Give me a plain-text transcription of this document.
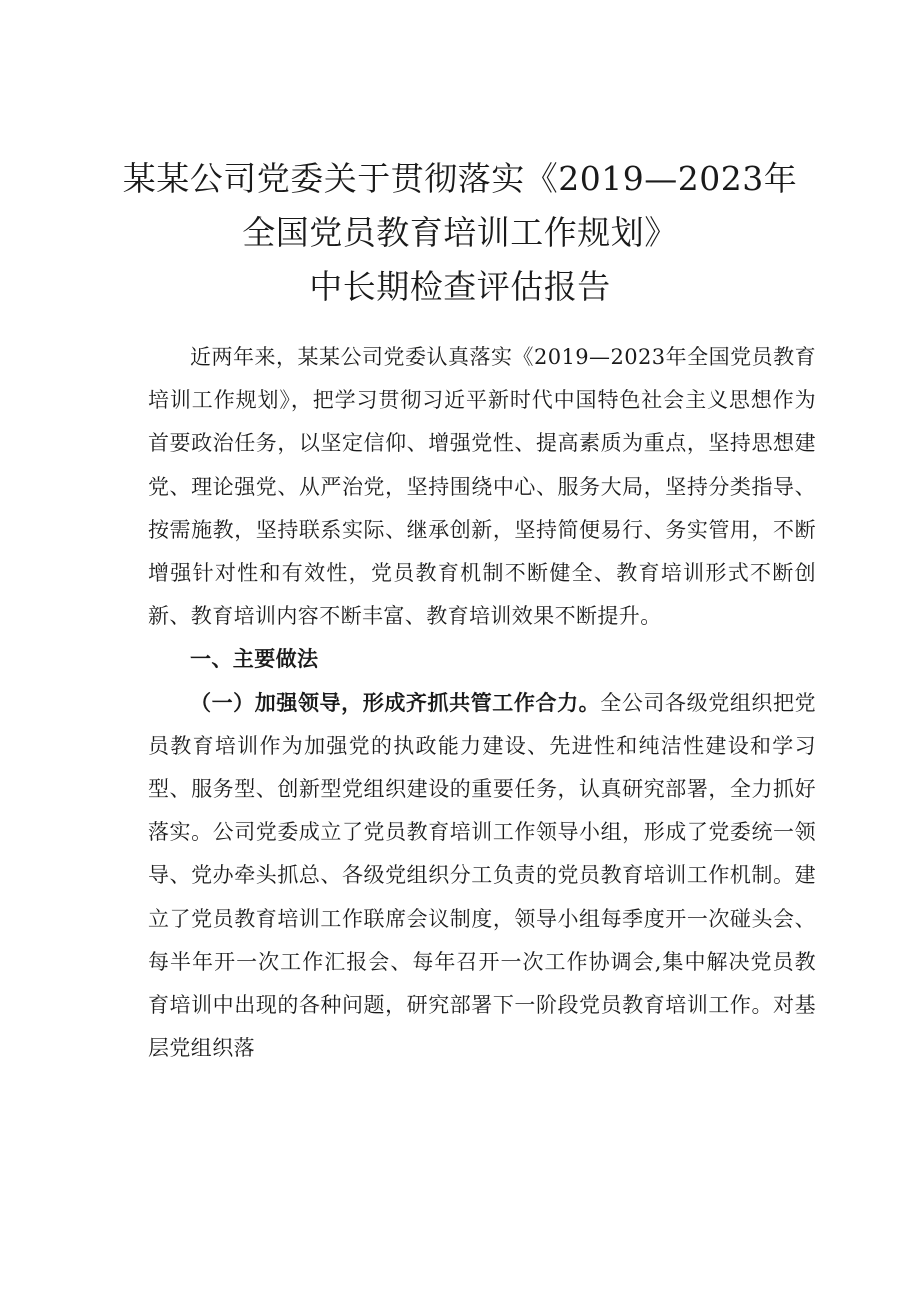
某某公司党委关于贯彻落实《2019—2023年
全国党员教育培训工作规划》
中长期检查评估报告

近两年来，某某公司党委认真落实《2019—2023年全国党员教育培训工作规划》，把学习贯彻习近平新时代中国特色社会主义思想作为首要政治任务，以坚定信仰、增强党性、提高素质为重点，坚持思想建党、理论强党、从严治党，坚持围绕中心、服务大局，坚持分类指导、按需施教，坚持联系实际、继承创新，坚持简便易行、务实管用，不断增强针对性和有效性，党员教育机制不断健全、教育培训形式不断创新、教育培训内容不断丰富、教育培训效果不断提升。

一、主要做法

（一）加强领导，形成齐抓共管工作合力。全公司各级党组织把党员教育培训作为加强党的执政能力建设、先进性和纯洁性建设和学习型、服务型、创新型党组织建设的重要任务，认真研究部署，全力抓好落实。公司党委成立了党员教育培训工作领导小组，形成了党委统一领导、党办牵头抓总、各级党组织分工负责的党员教育培训工作机制。建立了党员教育培训工作联席会议制度，领导小组每季度开一次碰头会、每半年开一次工作汇报会、每年召开一次工作协调会,集中解决党员教育培训中出现的各种问题，研究部署下一阶段党员教育培训工作。对基层党组织落
